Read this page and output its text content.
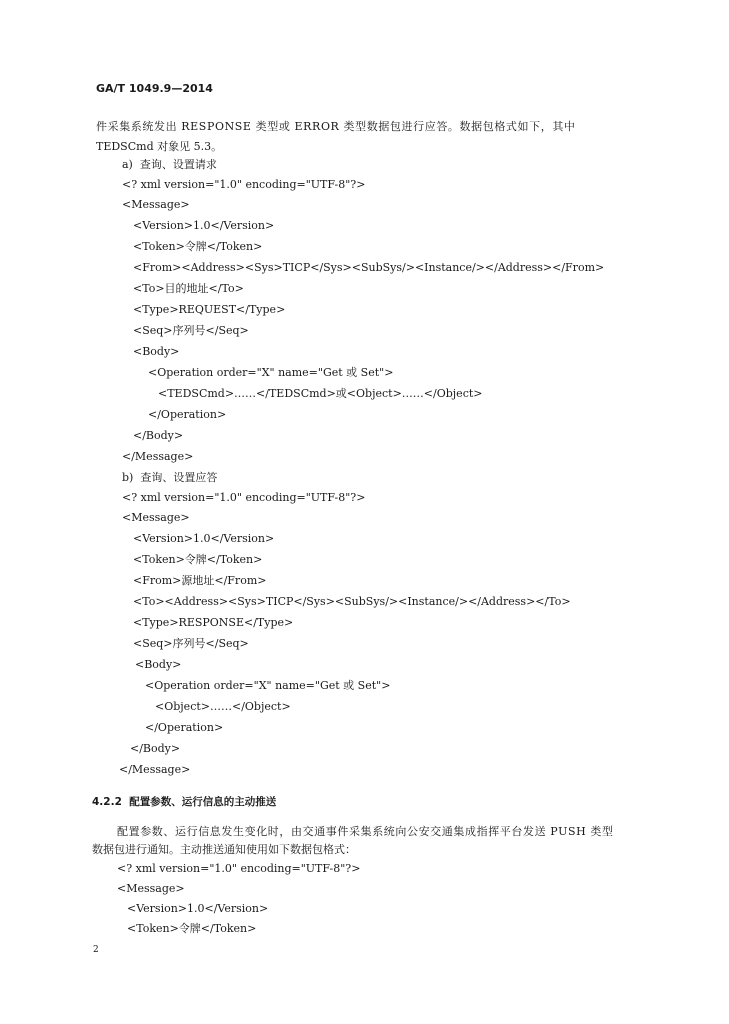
GA/T 1049.9—2014
件采集系统发出 RESPONSE 类型或 ERROR 类型数据包进行应答。数据包格式如下，其中
TEDSCmd 对象见 5.3。
a)  查询、设置请求
<? xml version="1.0" encoding="UTF-8"?>
<Message>
<Version>1.0</Version>
<Token>令牌</Token>
<From><Address><Sys>TICP</Sys><SubSys/><Instance/></Address></From>
<To>目的地址</To>
<Type>REQUEST</Type>
<Seq>序列号</Seq>
<Body>
<Operation order="X" name="Get 或 Set">
<TEDSCmd>……</TEDSCmd>或<Object>……</Object>
</Operation>
</Body>
</Message>
b)  查询、设置应答
<? xml version="1.0" encoding="UTF-8"?>
<Message>
<Version>1.0</Version>
<Token>令牌</Token>
<From>源地址</From>
<To><Address><Sys>TICP</Sys><SubSys/><Instance/></Address></To>
<Type>RESPONSE</Type>
<Seq>序列号</Seq>
<Body>
<Operation order="X" name="Get 或 Set">
<Object>……</Object>
</Operation>
</Body>
</Message>
4.2.2  配置参数、运行信息的主动推送
配置参数、运行信息发生变化时，由交通事件采集系统向公安交通集成指挥平台发送 PUSH 类型
数据包进行通知。主动推送通知使用如下数据包格式：
<? xml version="1.0" encoding="UTF-8"?>
<Message>
<Version>1.0</Version>
<Token>令牌</Token>
2
